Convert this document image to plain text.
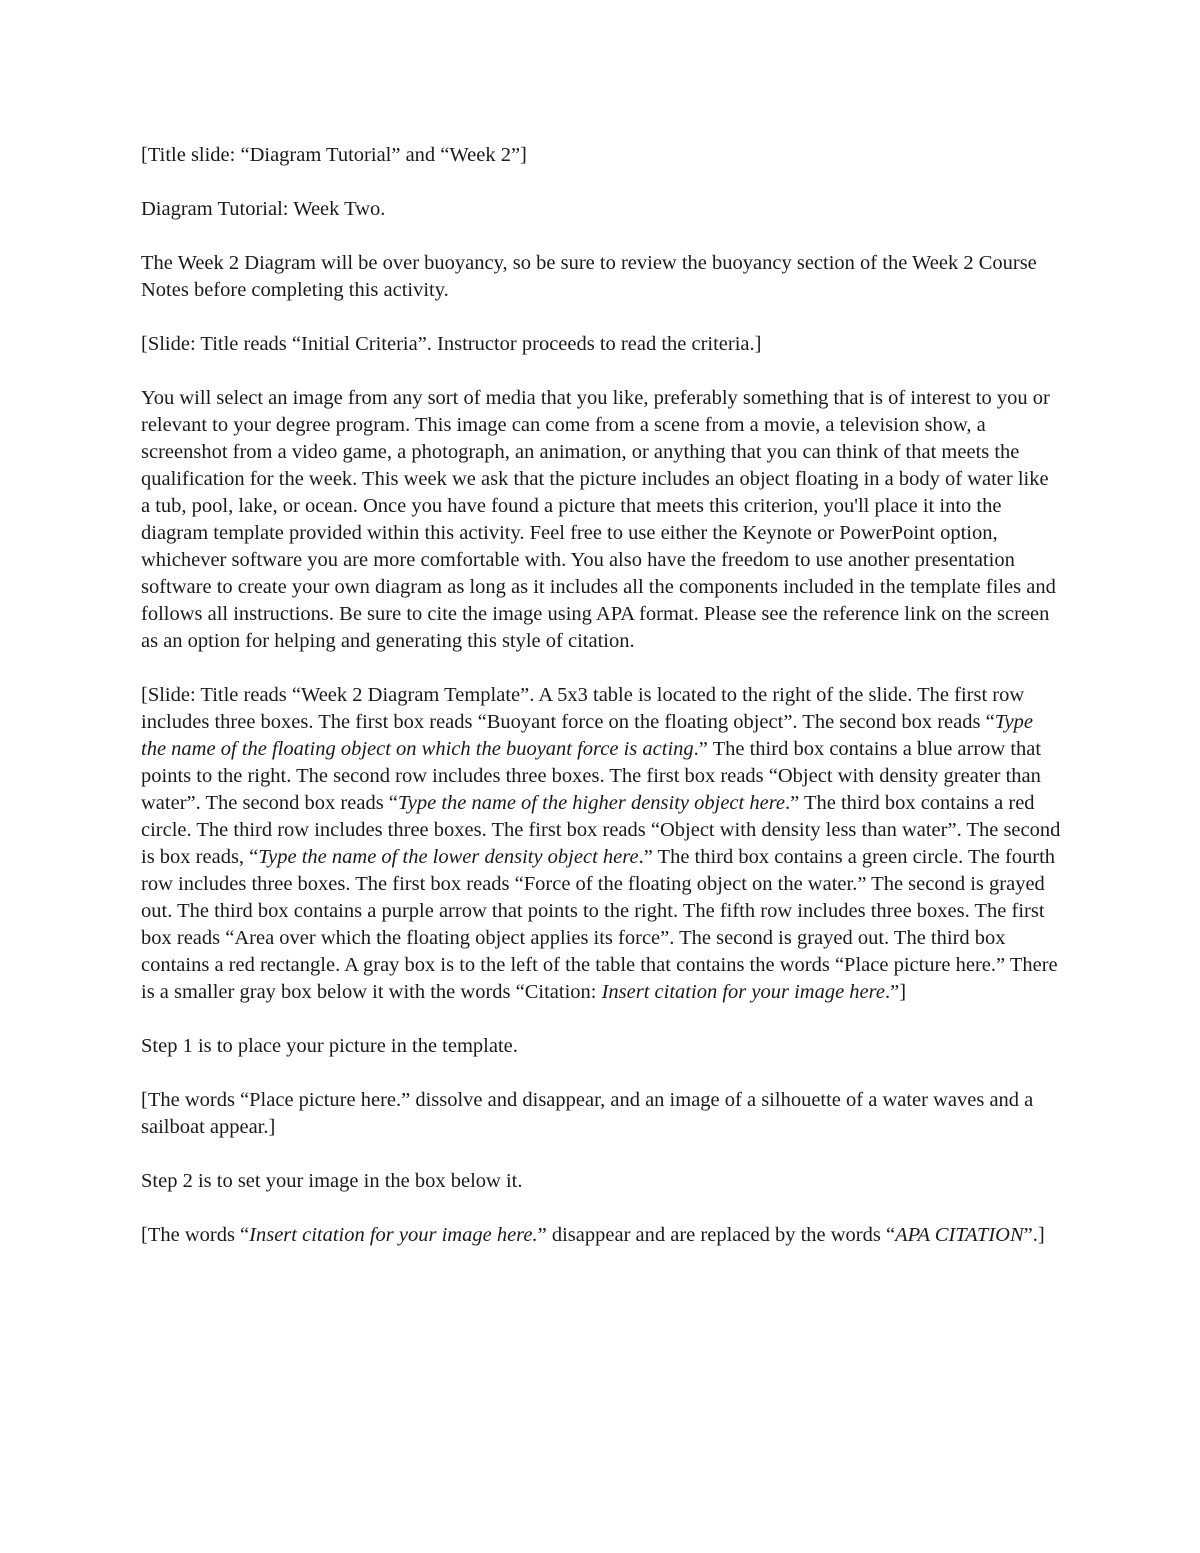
[Title slide: “Diagram Tutorial” and “Week 2”]

Diagram Tutorial: Week Two.

The Week 2 Diagram will be over buoyancy, so be sure to review the buoyancy section of the Week 2 Course Notes before completing this activity.

[Slide: Title reads “Initial Criteria”. Instructor proceeds to read the criteria.]

You will select an image from any sort of media that you like, preferably something that is of interest to you or relevant to your degree program. This image can come from a scene from a movie, a television show, a screenshot from a video game, a photograph, an animation, or anything that you can think of that meets the qualification for the week. This week we ask that the picture includes an object floating in a body of water like a tub, pool, lake, or ocean. Once you have found a picture that meets this criterion, you'll place it into the diagram template provided within this activity. Feel free to use either the Keynote or PowerPoint option, whichever software you are more comfortable with. You also have the freedom to use another presentation software to create your own diagram as long as it includes all the components included in the template files and follows all instructions. Be sure to cite the image using APA format. Please see the reference link on the screen as an option for helping and generating this style of citation.

[Slide: Title reads “Week 2 Diagram Template”. A 5x3 table is located to the right of the slide. The first row includes three boxes. The first box reads “Buoyant force on the floating object”. The second box reads “Type the name of the floating object on which the buoyant force is acting.” The third box contains a blue arrow that points to the right. The second row includes three boxes. The first box reads “Object with density greater than water”. The second box reads “Type the name of the higher density object here.” The third box contains a red circle. The third row includes three boxes. The first box reads “Object with density less than water”. The second is box reads, “Type the name of the lower density object here.” The third box contains a green circle. The fourth row includes three boxes. The first box reads “Force of the floating object on the water.” The second is grayed out. The third box contains a purple arrow that points to the right. The fifth row includes three boxes. The first box reads “Area over which the floating object applies its force”. The second is grayed out. The third box contains a red rectangle. A gray box is to the left of the table that contains the words “Place picture here.” There is a smaller gray box below it with the words “Citation: Insert citation for your image here.”]

Step 1 is to place your picture in the template.

[The words “Place picture here.” dissolve and disappear, and an image of a silhouette of a water waves and a sailboat appear.]

Step 2 is to set your image in the box below it.

[The words “Insert citation for your image here.” disappear and are replaced by the words “APA CITATION”.]
